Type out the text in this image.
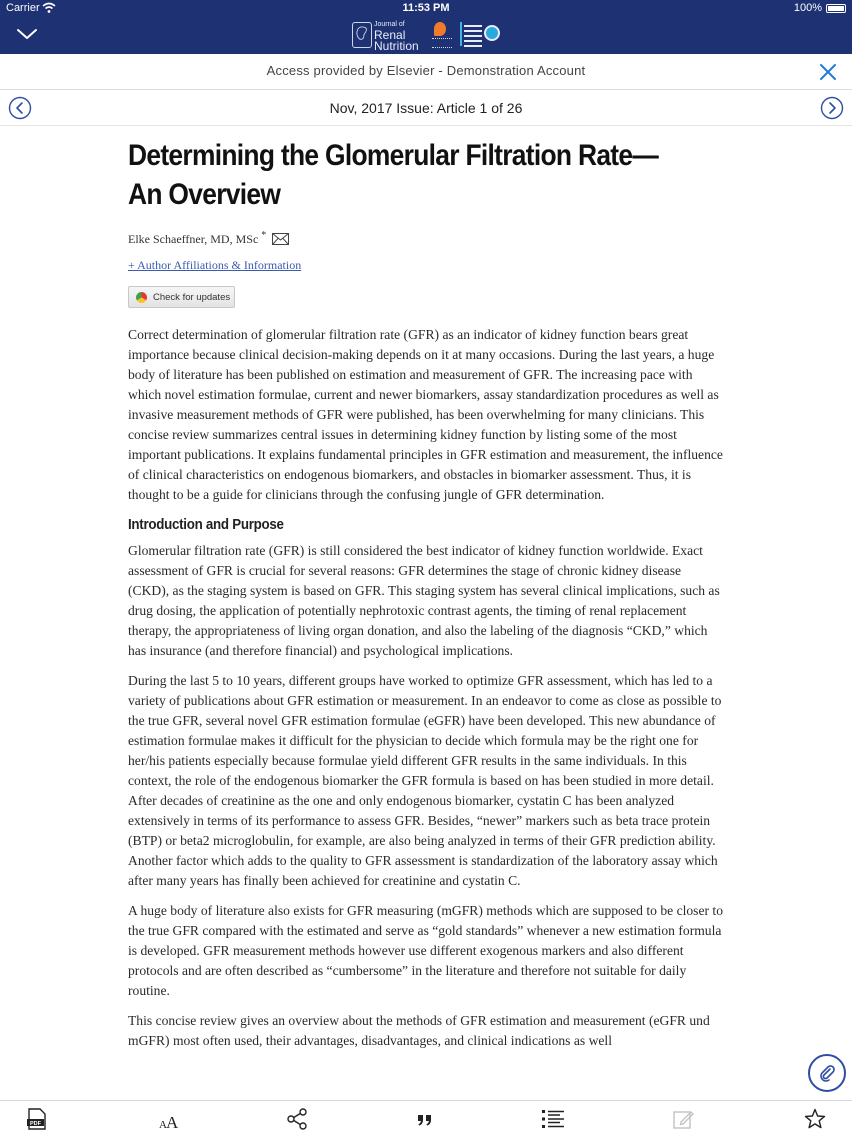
Carrier	11:53 PM	100%
Journal of
Renal
Nutrition
Access provided by Elsevier - Demonstration Account
Nov, 2017 Issue: Article 1 of 26
Determining the Glomerular Filtration Rate—
An Overview
Elke Schaeffner, MD, MSc *
+ Author Affiliations & Information
Check for updates

Correct determination of glomerular filtration rate (GFR) as an indicator of kidney function bears great importance because clinical decision-making depends on it at many occasions. During the last years, a huge body of literature has been published on estimation and measurement of GFR. The increasing pace with which novel estimation formulae, current and newer biomarkers, assay standardization procedures as well as invasive measurement methods of GFR were published, has been overwhelming for many clinicians. This concise review summarizes central issues in determining kidney function by listing some of the most important publications. It explains fundamental principles in GFR estimation and measurement, the influence of clinical characteristics on endogenous biomarkers, and obstacles in biomarker assessment. Thus, it is thought to be a guide for clinicians through the confusing jungle of GFR determination.

Introduction and Purpose

Glomerular filtration rate (GFR) is still considered the best indicator of kidney function worldwide. Exact assessment of GFR is crucial for several reasons: GFR determines the stage of chronic kidney disease (CKD), as the staging system is based on GFR. This staging system has several clinical implications, such as drug dosing, the application of potentially nephrotoxic contrast agents, the timing of renal replacement therapy, the appropriateness of living organ donation, and also the labeling of the diagnosis “CKD,” which has insurance (and therefore financial) and psychological implications.

During the last 5 to 10 years, different groups have worked to optimize GFR assessment, which has led to a variety of publications about GFR estimation or measurement. In an endeavor to come as close as possible to the true GFR, several novel GFR estimation formulae (eGFR) have been developed. This new abundance of estimation formulae makes it difficult for the physician to decide which formula may be the right one for her/his patients especially because formulae yield different GFR results in the same individuals. In this context, the role of the endogenous biomarker the GFR formula is based on has been studied in more detail. After decades of creatinine as the one and only endogenous biomarker, cystatin C has been analyzed extensively in terms of its performance to assess GFR. Besides, “newer” markers such as beta trace protein (BTP) or beta2 microglobulin, for example, are also being analyzed in terms of their GFR prediction ability. Another factor which adds to the quality to GFR assessment is standardization of the laboratory assay which after many years has finally been achieved for creatinine and cystatin C.

A huge body of literature also exists for GFR measuring (mGFR) methods which are supposed to be closer to the true GFR compared with the estimated and serve as “gold standards” whenever a new estimation formula is developed. GFR measurement methods however use different exogenous markers and also different protocols and are often described as “cumbersome” in the literature and therefore not suitable for daily routine.

This concise review gives an overview about the methods of GFR estimation and measurement (eGFR und mGFR) most often used, their advantages, disadvantages, and clinical indications as well

PDF	A A
